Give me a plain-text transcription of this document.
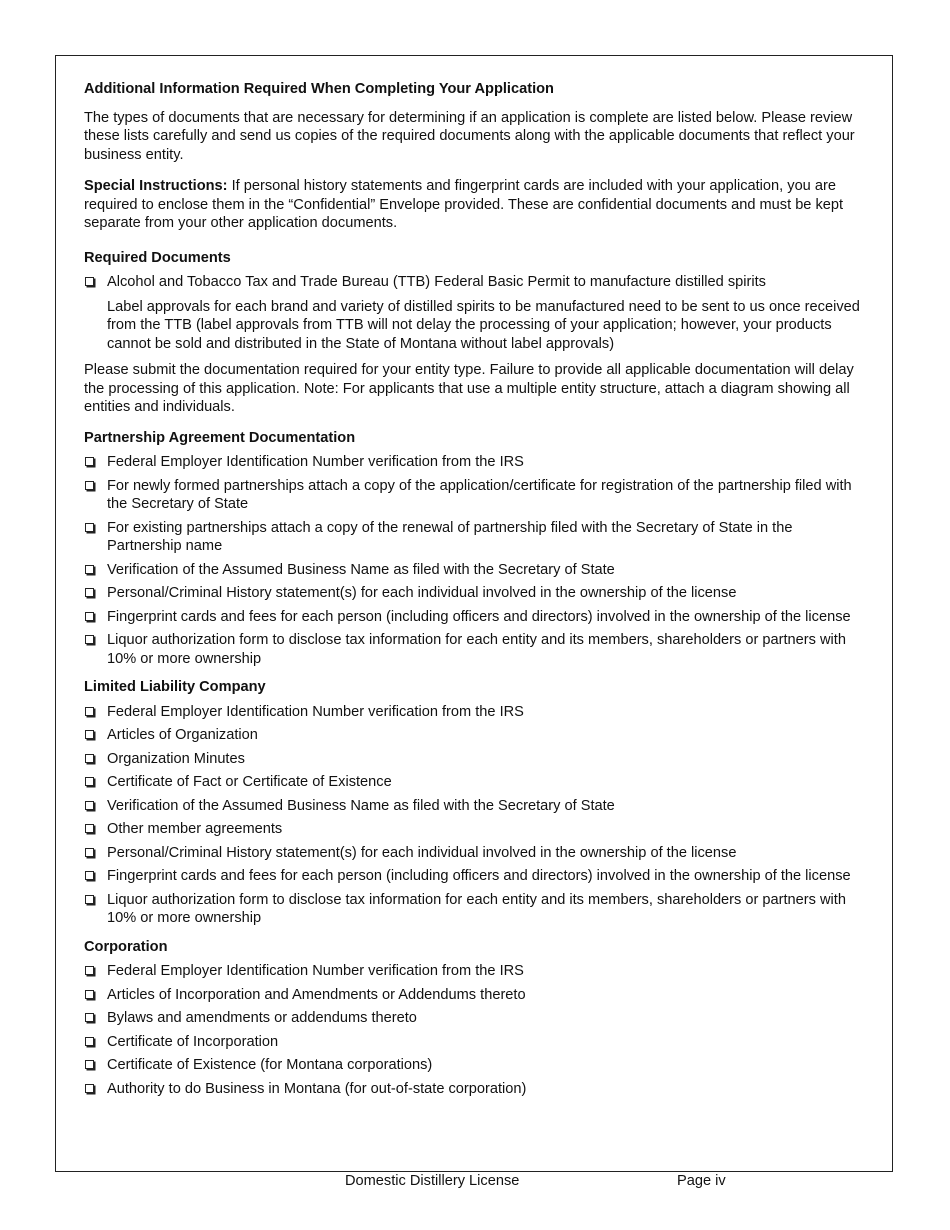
Additional Information Required When Completing Your Application

The types of documents that are necessary for determining if an application is complete are listed below. Please review these lists carefully and send us copies of the required documents along with the applicable documents that reflect your business entity.

Special Instructions: If personal history statements and fingerprint cards are included with your application, you are required to enclose them in the “Confidential” Envelope provided. These are confidential documents and must be kept separate from your other application documents.

Required Documents

Alcohol and Tobacco Tax and Trade Bureau (TTB) Federal Basic Permit to manufacture distilled spirits

Label approvals for each brand and variety of distilled spirits to be manufactured need to be sent to us once received from the TTB (label approvals from TTB will not delay the processing of your application; however, your products cannot be sold and distributed in the State of Montana without label approvals)

Please submit the documentation required for your entity type. Failure to provide all applicable documentation will delay the processing of this application. Note: For applicants that use a multiple entity structure, attach a diagram showing all entities and individuals.

Partnership Agreement Documentation

Federal Employer Identification Number verification from the IRS
For newly formed partnerships attach a copy of the application/certificate for registration of the partnership filed with the Secretary of State
For existing partnerships attach a copy of the renewal of partnership filed with the Secretary of State in the Partnership name
Verification of the Assumed Business Name as filed with the Secretary of State
Personal/Criminal History statement(s) for each individual involved in the ownership of the license
Fingerprint cards and fees for each person (including officers and directors) involved in the ownership of the license
Liquor authorization form to disclose tax information for each entity and its members, shareholders or partners with 10% or more ownership

Limited Liability Company

Federal Employer Identification Number verification from the IRS
Articles of Organization
Organization Minutes
Certificate of Fact or Certificate of Existence
Verification of the Assumed Business Name as filed with the Secretary of State
Other member agreements
Personal/Criminal History statement(s) for each individual involved in the ownership of the license
Fingerprint cards and fees for each person (including officers and directors) involved in the ownership of the license
Liquor authorization form to disclose tax information for each entity and its members, shareholders or partners with 10% or more ownership

Corporation

Federal Employer Identification Number verification from the IRS
Articles of Incorporation and Amendments or Addendums thereto
Bylaws and amendments or addendums thereto
Certificate of Incorporation
Certificate of Existence (for Montana corporations)
Authority to do Business in Montana (for out-of-state corporation)
Domestic Distillery License	Page iv
